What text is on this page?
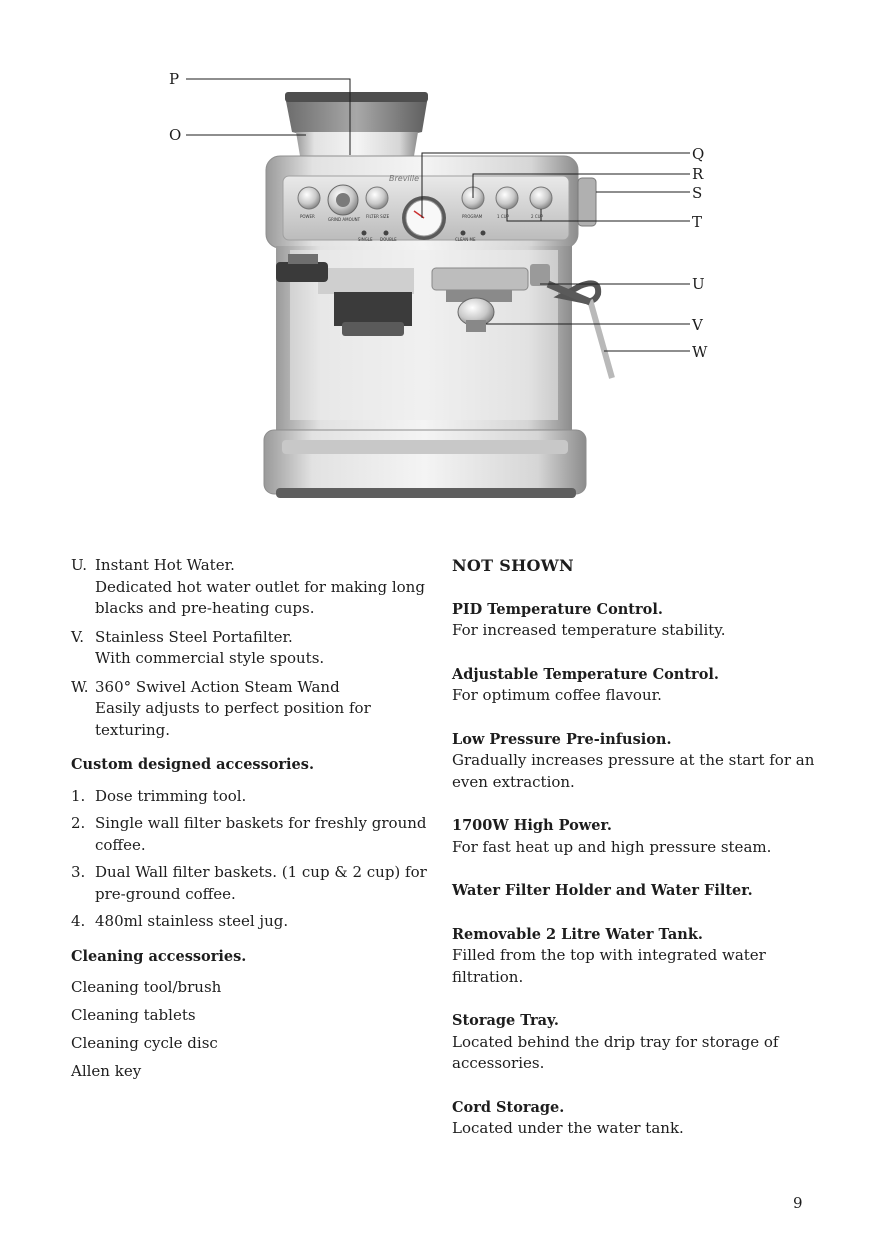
Breville
POWER
GRIND AMOUNT
FILTER SIZE
SINGLE DOUBLE
PROGRAM
CLEAN ME
1 CUP	2 CUP
P
O
Q
R
S
T
U
V
W
U. Instant Hot Water.
Dedicated hot water outlet for making long blacks and pre-heating cups.
V. Stainless Steel Portafilter.
With commercial style spouts.
W. 360° Swivel Action Steam Wand
Easily adjusts to perfect position for texturing.
Custom designed accessories.
1. Dose trimming tool.
2. Single wall filter baskets for freshly ground coffee.
3. Dual Wall filter baskets. (1 cup & 2 cup) for pre-ground coffee.
4. 480ml stainless steel jug.
Cleaning accessories.
Cleaning tool/brush
Cleaning tablets
Cleaning cycle disc
Allen key
NOT SHOWN
PID Temperature Control.
For increased temperature stability.
Adjustable Temperature Control.
For optimum coffee flavour.
Low Pressure Pre-infusion.
Gradually increases pressure at the start for an even extraction.
1700W High Power.
For fast heat up and high pressure steam.
Water Filter Holder and Water Filter.
Removable 2 Litre Water Tank.
Filled from the top with integrated water filtration.
Storage Tray.
Located behind the drip tray for storage of accessories.
Cord Storage.
Located under the water tank.
9
